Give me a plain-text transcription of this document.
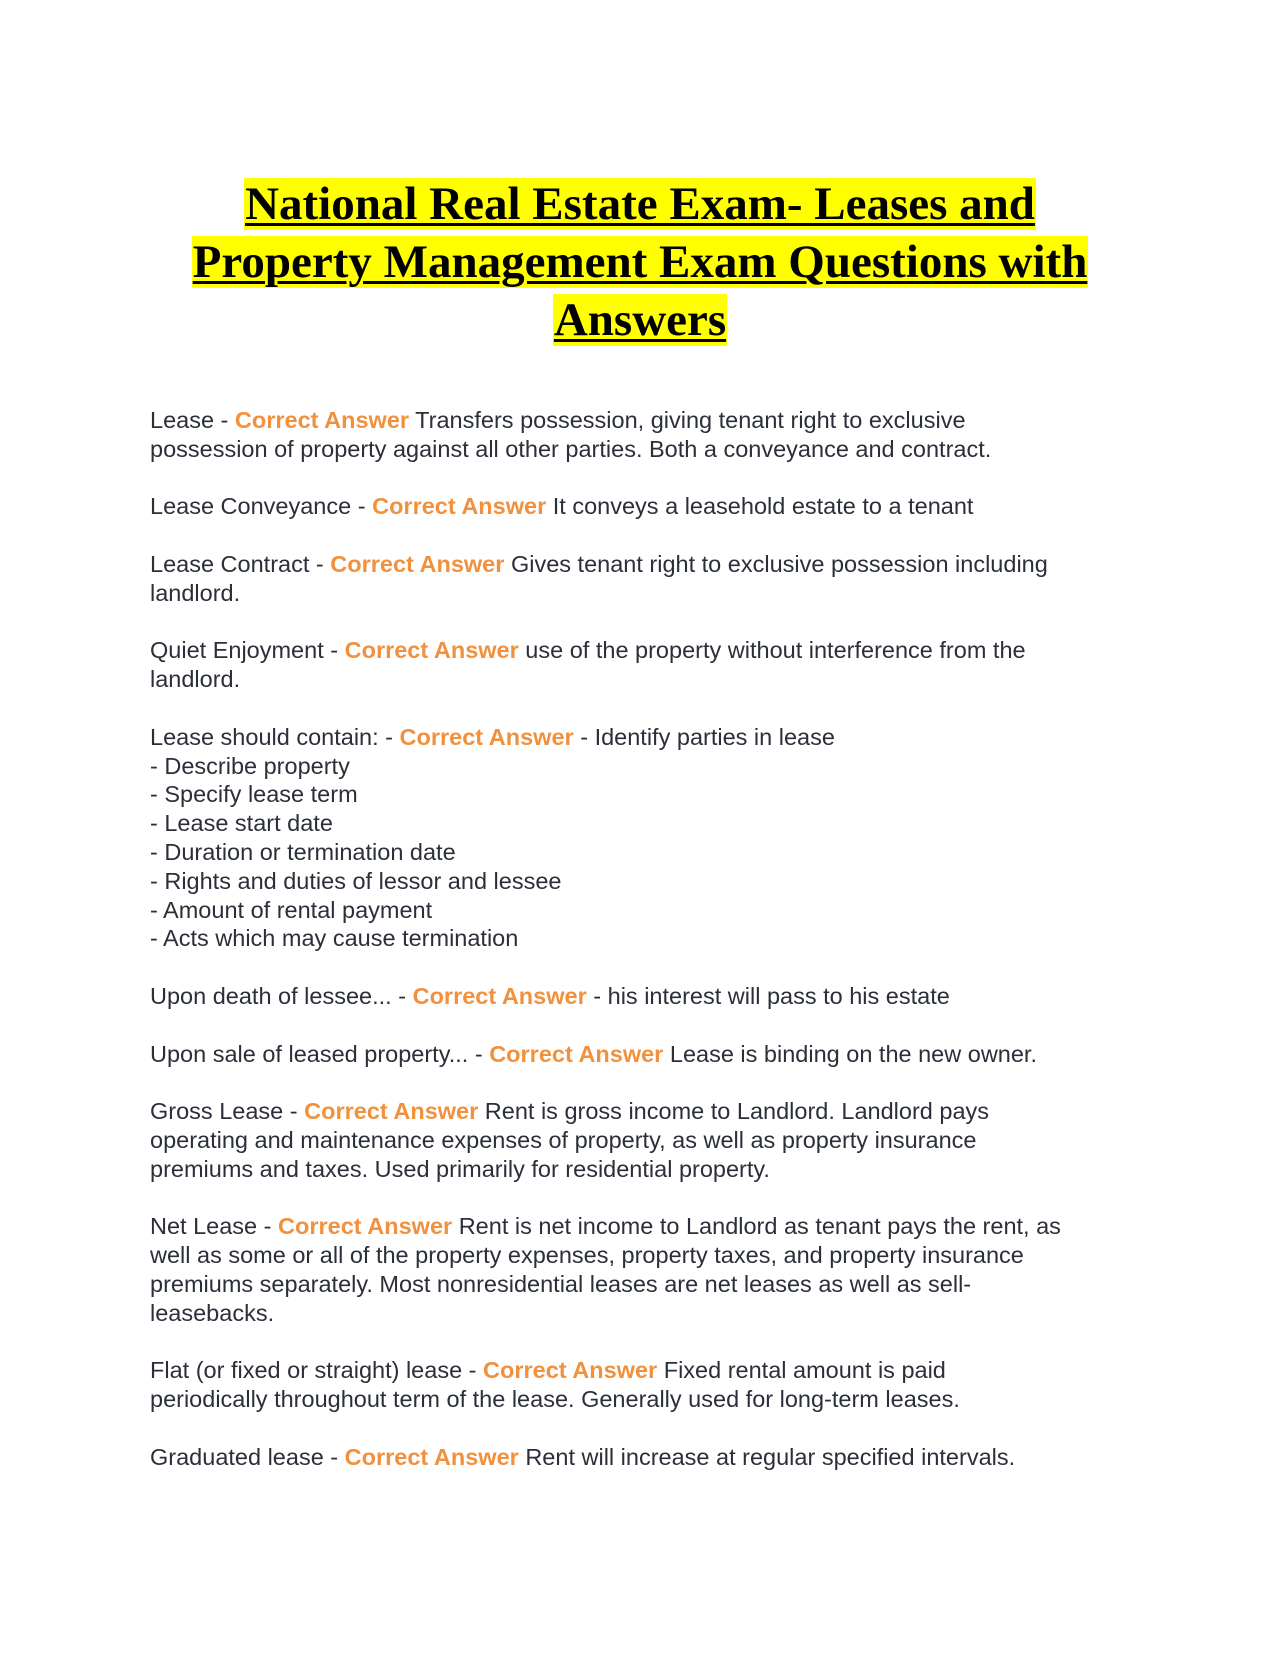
National Real Estate Exam- Leases and
Property Management Exam Questions with
Answers
Lease - Correct Answer Transfers possession, giving tenant right to exclusive
possession of property against all other parties. Both a conveyance and contract.
Lease Conveyance - Correct Answer It conveys a leasehold estate to a tenant
Lease Contract - Correct Answer Gives tenant right to exclusive possession including
landlord.
Quiet Enjoyment - Correct Answer use of the property without interference from the
landlord.
Lease should contain: - Correct Answer - Identify parties in lease
- Describe property
- Specify lease term
- Lease start date
- Duration or termination date
- Rights and duties of lessor and lessee
- Amount of rental payment
- Acts which may cause termination
Upon death of lessee... - Correct Answer - his interest will pass to his estate
Upon sale of leased property... - Correct Answer Lease is binding on the new owner.
Gross Lease - Correct Answer Rent is gross income to Landlord. Landlord pays
operating and maintenance expenses of property, as well as property insurance
premiums and taxes. Used primarily for residential property.
Net Lease - Correct Answer Rent is net income to Landlord as tenant pays the rent, as
well as some or all of the property expenses, property taxes, and property insurance
premiums separately. Most nonresidential leases are net leases as well as sell-
leasebacks.
Flat (or fixed or straight) lease - Correct Answer Fixed rental amount is paid
periodically throughout term of the lease. Generally used for long-term leases.
Graduated lease - Correct Answer Rent will increase at regular specified intervals.
